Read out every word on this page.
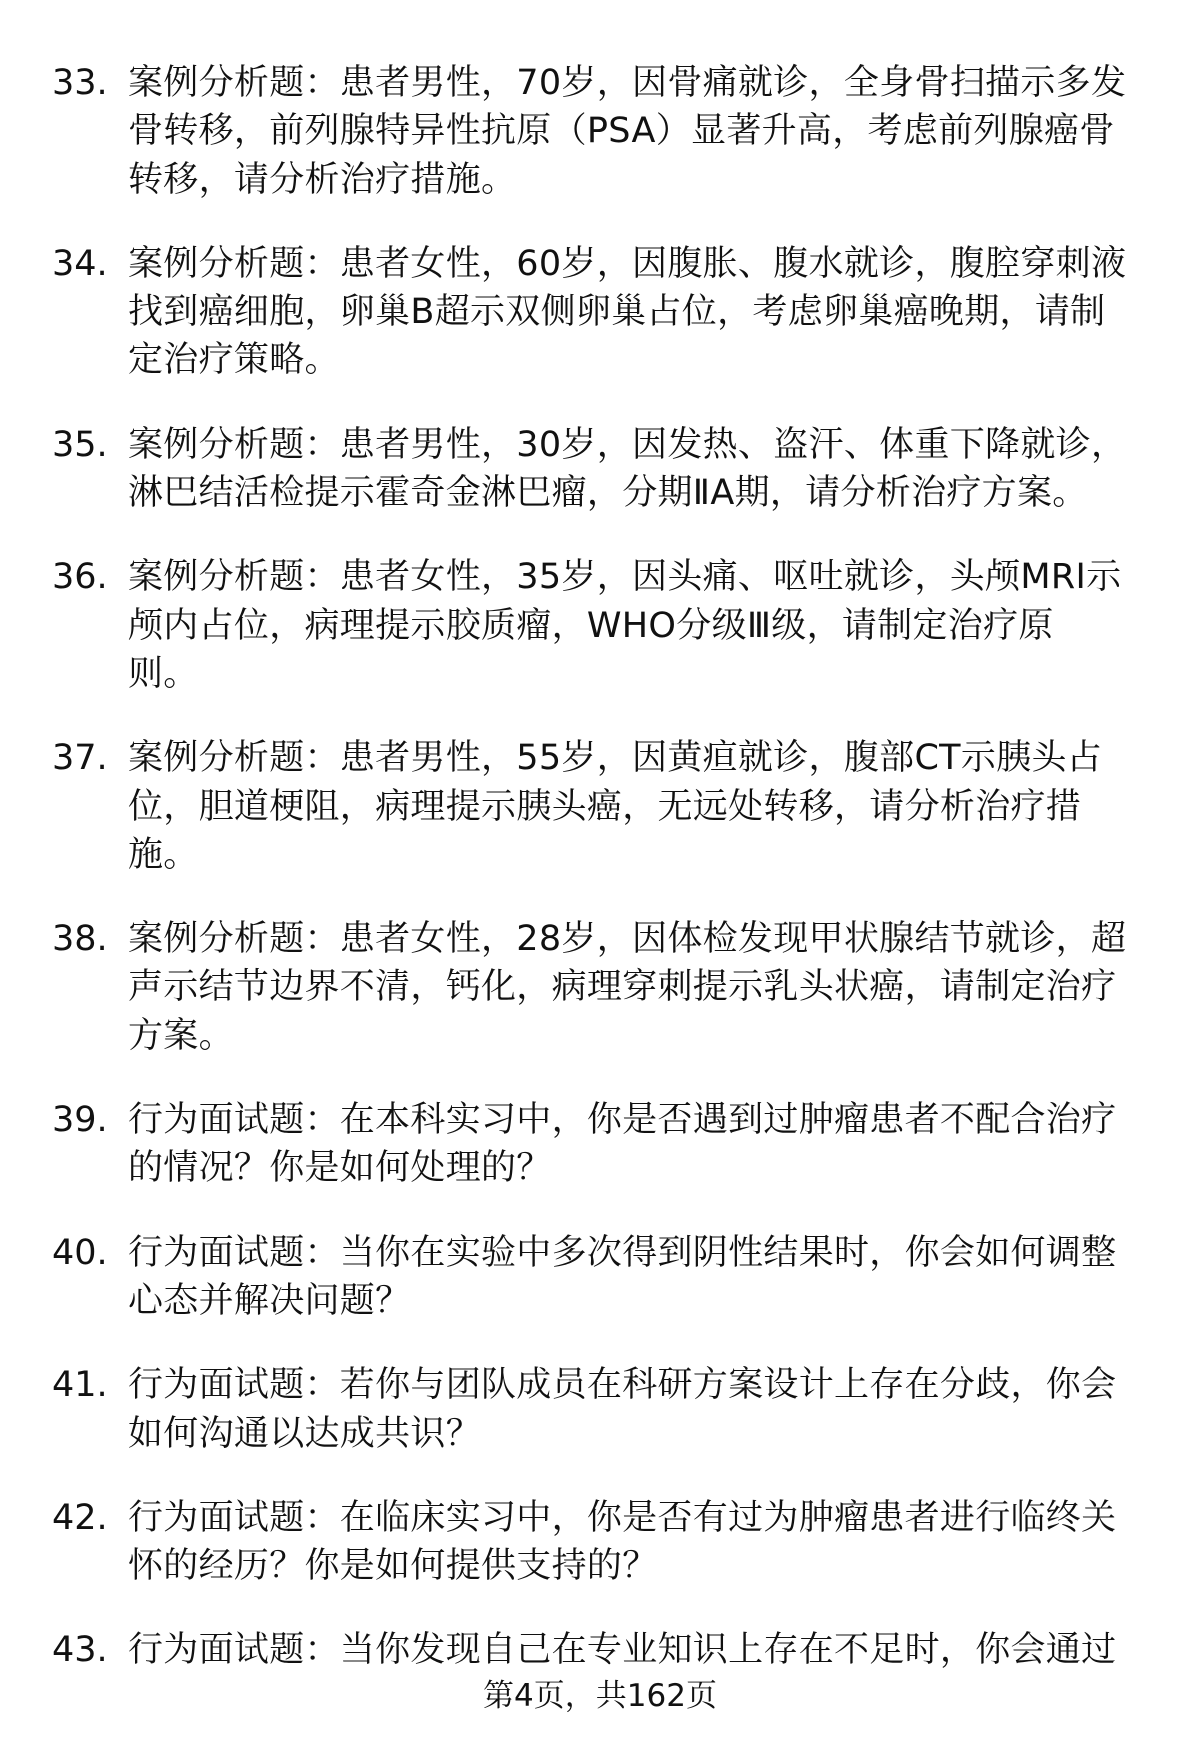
33. 案例分析题：患者男性，70岁，因骨痛就诊，全身骨扫描示多发
骨转移，前列腺特异性抗原（PSA）显著升高，考虑前列腺癌骨
转移，请分析治疗措施。
34. 案例分析题：患者女性，60岁，因腹胀、腹水就诊，腹腔穿刺液
找到癌细胞，卵巢B超示双侧卵巢占位，考虑卵巢癌晚期，请制
定治疗策略。
35. 案例分析题：患者男性，30岁，因发热、盗汗、体重下降就诊，
淋巴结活检提示霍奇金淋巴瘤，分期ⅡA期，请分析治疗方案。
36. 案例分析题：患者女性，35岁，因头痛、呕吐就诊，头颅MRI示
颅内占位，病理提示胶质瘤，WHO分级Ⅲ级，请制定治疗原
则。
37. 案例分析题：患者男性，55岁，因黄疸就诊，腹部CT示胰头占
位，胆道梗阻，病理提示胰头癌，无远处转移，请分析治疗措
施。
38. 案例分析题：患者女性，28岁，因体检发现甲状腺结节就诊，超
声示结节边界不清，钙化，病理穿刺提示乳头状癌，请制定治疗
方案。
39. 行为面试题：在本科实习中，你是否遇到过肿瘤患者不配合治疗
的情况？你是如何处理的？
40. 行为面试题：当你在实验中多次得到阴性结果时，你会如何调整
心态并解决问题？
41. 行为面试题：若你与团队成员在科研方案设计上存在分歧，你会
如何沟通以达成共识？
42. 行为面试题：在临床实习中，你是否有过为肿瘤患者进行临终关
怀的经历？你是如何提供支持的？
43. 行为面试题：当你发现自己在专业知识上存在不足时，你会通过
第4页，共162页
